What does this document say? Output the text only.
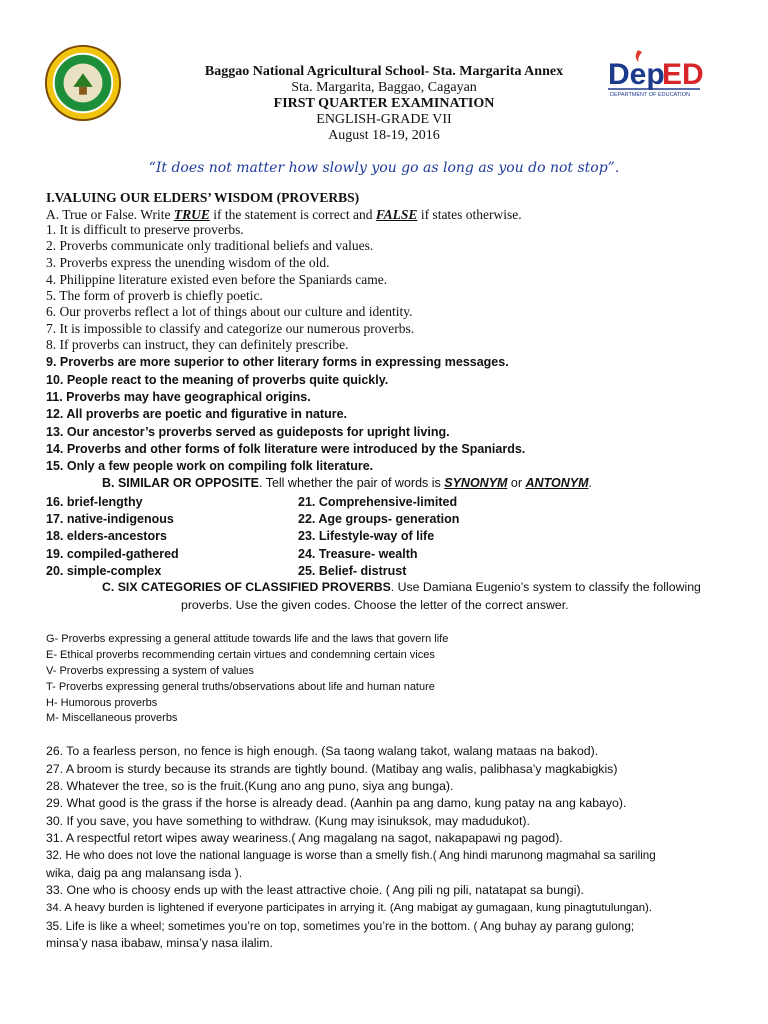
Dep
ED
DEPARTMENT OF EDUCATION
Baggao National Agricultural School- Sta. Margarita Annex
Sta. Margarita, Baggao, Cagayan
FIRST QUARTER EXAMINATION
ENGLISH-GRADE VII
August 18-19, 2016
“It does not matter how slowly you go as long as you do not stop”.
I.VALUING OUR ELDERS’ WISDOM (PROVERBS)
A. True or False. Write TRUE if the statement is correct and FALSE if states otherwise.
1. It is difficult to preserve proverbs.
2. Proverbs communicate only traditional beliefs and values.
3. Proverbs express the unending wisdom of the old.
4. Philippine literature existed even before the Spaniards came.
5. The form of proverb is chiefly poetic.
6. Our proverbs reflect a lot of things about our culture and identity.
7. It is impossible to classify and categorize our numerous proverbs.
8. If proverbs can instruct, they can definitely prescribe.
9. Proverbs are more superior to other literary forms in expressing messages.
10. People react to the meaning of proverbs quite quickly.
11. Proverbs may have geographical origins.
12. All proverbs are poetic and figurative in nature.
13. Our ancestor’s proverbs served as guideposts for upright living.
14. Proverbs and other forms of folk literature were introduced by the Spaniards.
15. Only a few people work on compiling folk literature.
B. SIMILAR OR OPPOSITE. Tell whether the pair of words is SYNONYM or ANTONYM.
16. brief-lengthy
17. native-indigenous
18. elders-ancestors
19. compiled-gathered
20. simple-complex
21. Comprehensive-limited
22. Age groups- generation
23. Lifestyle-way of life
24. Treasure- wealth
25. Belief- distrust
C. SIX CATEGORIES OF CLASSIFIED PROVERBS. Use Damiana Eugenio’s system to classify the following
proverbs. Use the given codes. Choose the letter of the correct answer.
G- Proverbs expressing a general attitude towards life and the laws that govern life
E- Ethical proverbs recommending certain virtues and condemning certain vices
V- Proverbs expressing a system of values
T- Proverbs expressing general truths/observations about life and human nature
H- Humorous proverbs
M- Miscellaneous proverbs
26. To a fearless person, no fence is high enough. (Sa taong walang takot, walang mataas na bakod).
27. A broom is sturdy because its strands are tightly bound. (Matibay ang walis, palibhasa’y magkabigkis)
28. Whatever the tree, so is the fruit.(Kung ano ang puno, siya ang bunga).
29. What good is the grass if the horse is already dead. (Aanhin pa ang damo, kung patay na ang kabayo).
30. If you save, you have something to withdraw. (Kung may isinuksok, may madudukot).
31. A respectful retort wipes away weariness.( Ang magalang na sagot, nakapapawi ng pagod).
32. He who does not love the national language is worse than a smelly fish.( Ang hindi marunong magmahal sa sariling
wika, daig pa ang malansang isda ).
33. One who is choosy ends up with the least attractive choie. ( Ang pili ng pili, natatapat sa bungi).
34. A heavy burden is lightened if everyone participates in arrying it. (Ang mabigat ay gumagaan, kung pinagtutulungan).
35. Life is like a wheel; sometimes you’re on top, sometimes you’re in the bottom. ( Ang buhay ay parang gulong;
minsa’y nasa ibabaw, minsa’y nasa ilalim.
